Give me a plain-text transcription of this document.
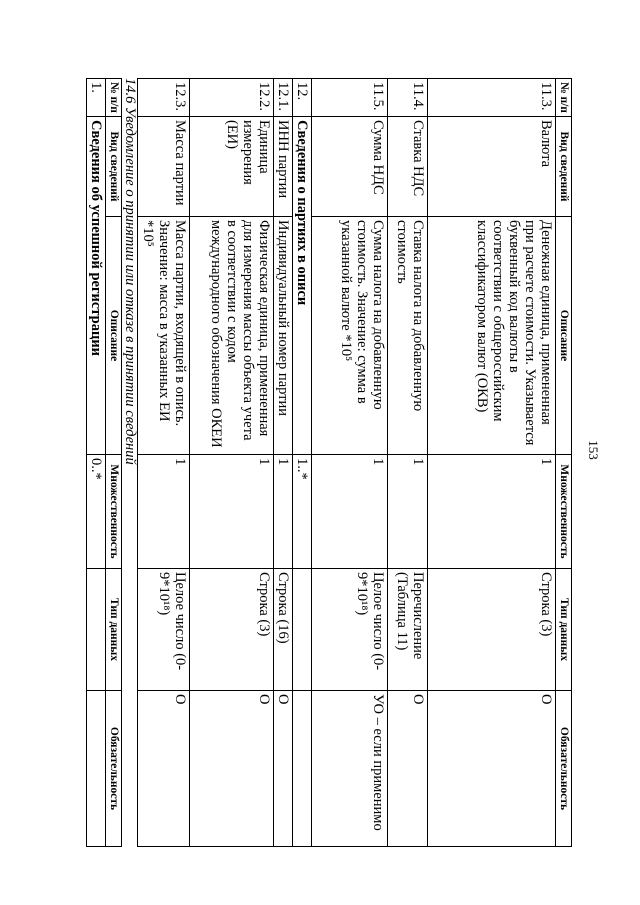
153
№ п/п	Вид сведений	Описание	Множественность	Тип данных	Обязательность
11.3.	Валюта	Денежная единица, примененная при расчете стоимости. Указывается буквенный код валюты в соответствии с общероссийским классификатором валют (ОКВ)	1	Строка (3)	О
11.4.	Ставка НДС	Ставка налога на добавленную стоимость	1	Перечисление (Таблица 11)	О
11.5.	Сумма НДС	Сумма налога на добавленную стоимость. Значение: сумма в указанной валюте *10⁵	1	Целое число (0-9*10¹⁸)	УО – если применимо
12.	Сведения о партиях в описи		1..*		
12.1.	ИНН партии	Индивидуальный номер партии	1	Строка (16)	О
12.2.	Единица измерения (ЕИ)	Физическая единица, примененная для измерения массы объекта учета в соответствии с кодом международного обозначения ОКЕИ	1	Строка (3)	О
12.3.	Масса партии	Масса партии, входящей в опись. Значение: масса в указанных ЕИ *10⁵	1	Целое число (0-9*10¹⁸)	О
14.6 Уведомление о принятии или отказе в принятии сведений
№ п/п	Вид сведений	Описание	Множественность	Тип данных	Обязательность
1.	Сведения об успешной регистрации		0..*		
